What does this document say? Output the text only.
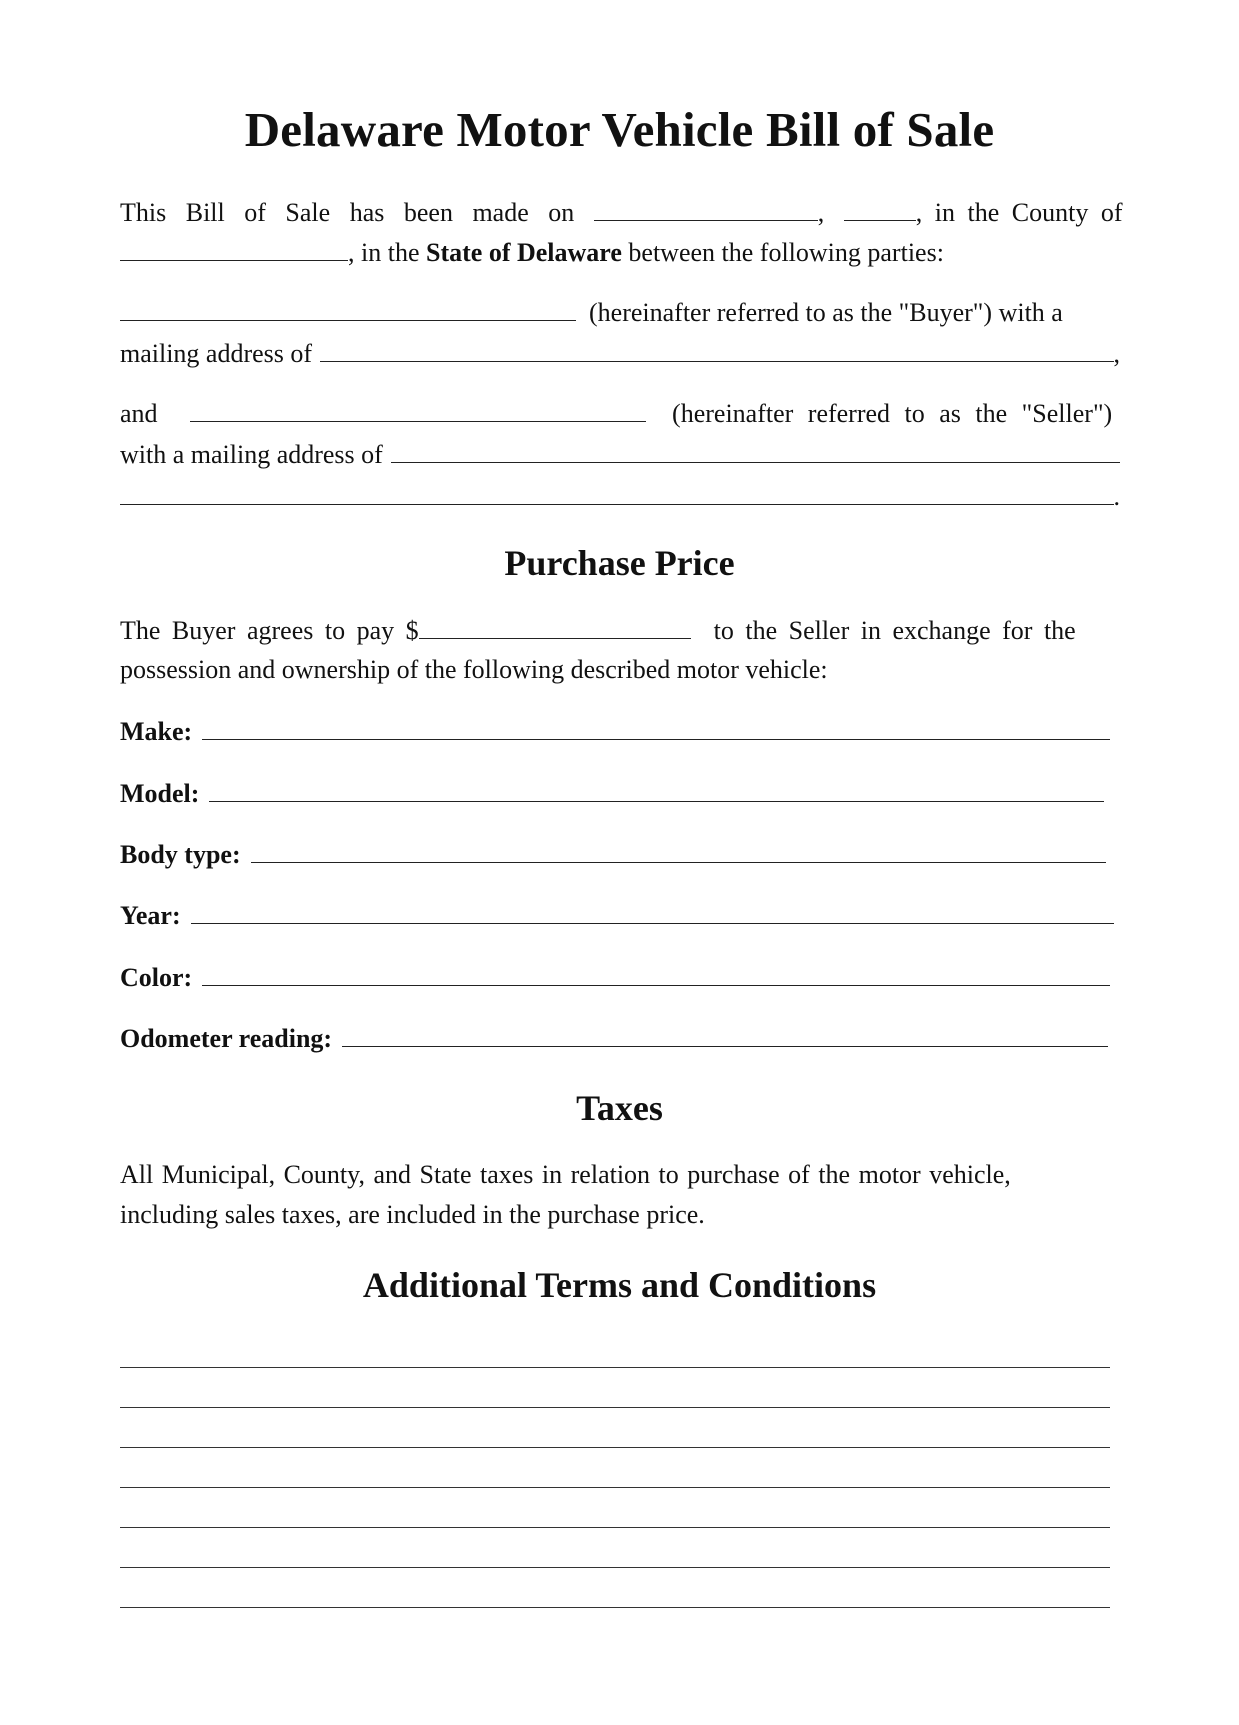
Delaware Motor Vehicle Bill of Sale
This Bill of Sale has been made on	,	, in the County of
, in the State of Delaware between the following parties:
(hereinafter referred to as the "Buyer") with a
mailing address of	,
and	(hereinafter referred to as the "Seller")
with a mailing address of
.
Purchase Price
The Buyer agrees to pay $	to the Seller in exchange for the
possession and ownership of the following described motor vehicle:
Make:
Model:
Body type:
Year:
Color:
Odometer reading:
Taxes
All Municipal, County, and State taxes in relation to purchase of the motor vehicle,
including sales taxes, are included in the purchase price.
Additional Terms and Conditions
